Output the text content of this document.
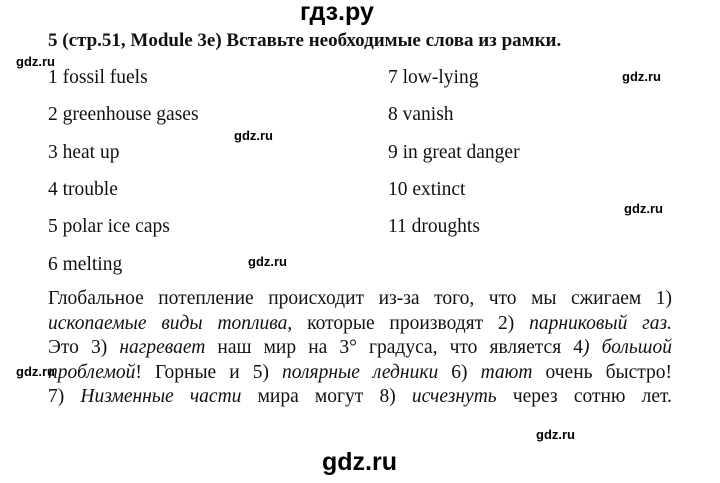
гдз.ру
5 (стр.51, Module 3e) Вставьте необходимые слова из рамки.
gdz.ru
gdz.ru
gdz.ru
gdz.ru
gdz.ru
gdz.ru
gdz.ru
1 fossil fuels
2 greenhouse gases
3 heat up
4 trouble
5 polar ice caps
6 melting
7 low-lying
8 vanish
9 in great danger
10 extinct
11 droughts
Глобальное потепление происходит из-за того, что мы сжигаем 1)
ископаемые виды топлива, которые производят 2) парниковый газ.
Это 3) нагревает наш мир на 3° градуса, что является 4) большой
проблемой! Горные и 5) полярные ледники 6) тают очень быстро!
7) Низменные части мира могут 8) исчезнуть через сотню лет.
gdz.ru
